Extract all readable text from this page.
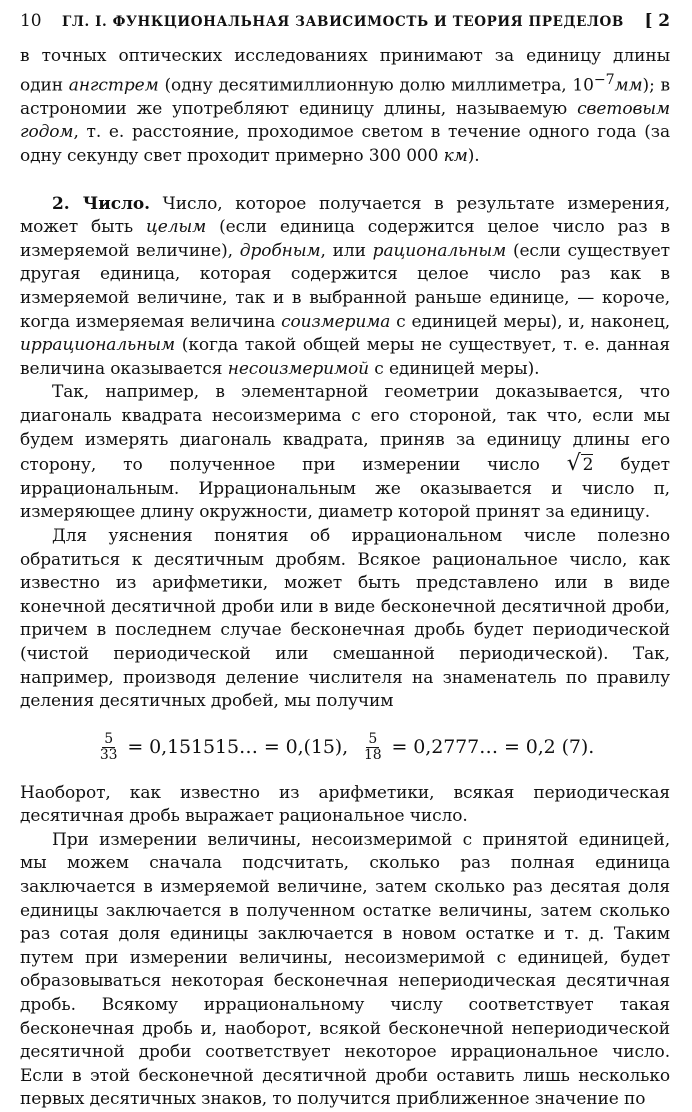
10 ГЛ. I. ФУНКЦИОНАЛЬНАЯ ЗАВИСИМОСТЬ И ТЕОРИЯ ПРЕДЕЛОВ [ 2

в точных оптических исследованиях принимают за единицу длины один ангстрем (одну десятимиллионную долю миллиметра, $10^{-7}мм$); в астрономии же употребляют единицу длины, называемую световым годом, т. е. расстояние, проходимое светом в течение одного года (за одну секунду свет проходит примерно 300 000 км).

2. Число. Число, которое получается в результате измерения, может быть целым (если единица содержится целое число раз в измеряемой величине), дробным, или рациональным (если существует другая единица, которая содержится целое число раз как в измеряемой величине, так и в выбранной раньше единице, — короче, когда измеряемая величина соизмерима с единицей меры), и, наконец, иррациональным (когда такой общей меры не существует, т. е. данная величина оказывается несоизмеримой с единицей меры).

Так, например, в элементарной геометрии доказывается, что диагональ квадрата несоизмерима с его стороной, так что, если мы будем измерять диагональ квадрата, приняв за единицу длины его сторону, то полученное при измерении число √ 2 будет иррациональным. Иррациональным же оказывается и число π, измеряющее длину окружности, диаметр которой принят за единицу.

Для уяснения понятия об иррациональном числе полезно обратиться к десятичным дробям. Всякое рациональное число, как известно из арифметики, может быть представлено или в виде конечной десятичной дроби или в виде бесконечной десятичной дроби, причем в последнем случае бесконечная дробь будет периодической (чистой периодической или смешанной периодической). Так, например, производя деление числителя на знаменатель по правилу деления десятичных дробей, мы получим

$\frac{5}{33}$ = 0,151515… = 0,(15), $\frac{5}{18}$ = 0,2777… = 0,2 (7).

Наоборот, как известно из арифметики, всякая периодическая десятичная дробь выражает рациональное число.

При измерении величины, несоизмеримой с принятой единицей, мы можем сначала подсчитать, сколько раз полная единица заключается в измеряемой величине, затем сколько раз десятая доля единицы заключается в полученном остатке величины, затем сколько раз сотая доля единицы заключается в новом остатке и т. д. Таким путем при измерении величины, несоизмеримой с единицей, будет образовываться некоторая бесконечная непериодическая десятичная дробь. Всякому иррациональному числу соответствует такая бесконечная дробь и, наоборот, всякой бесконечной непериодической десятичной дроби соответствует некоторое иррациональное число. Если в этой бесконечной десятичной дроби оставить лишь несколько первых десятичных знаков, то получится приближенное значение по
